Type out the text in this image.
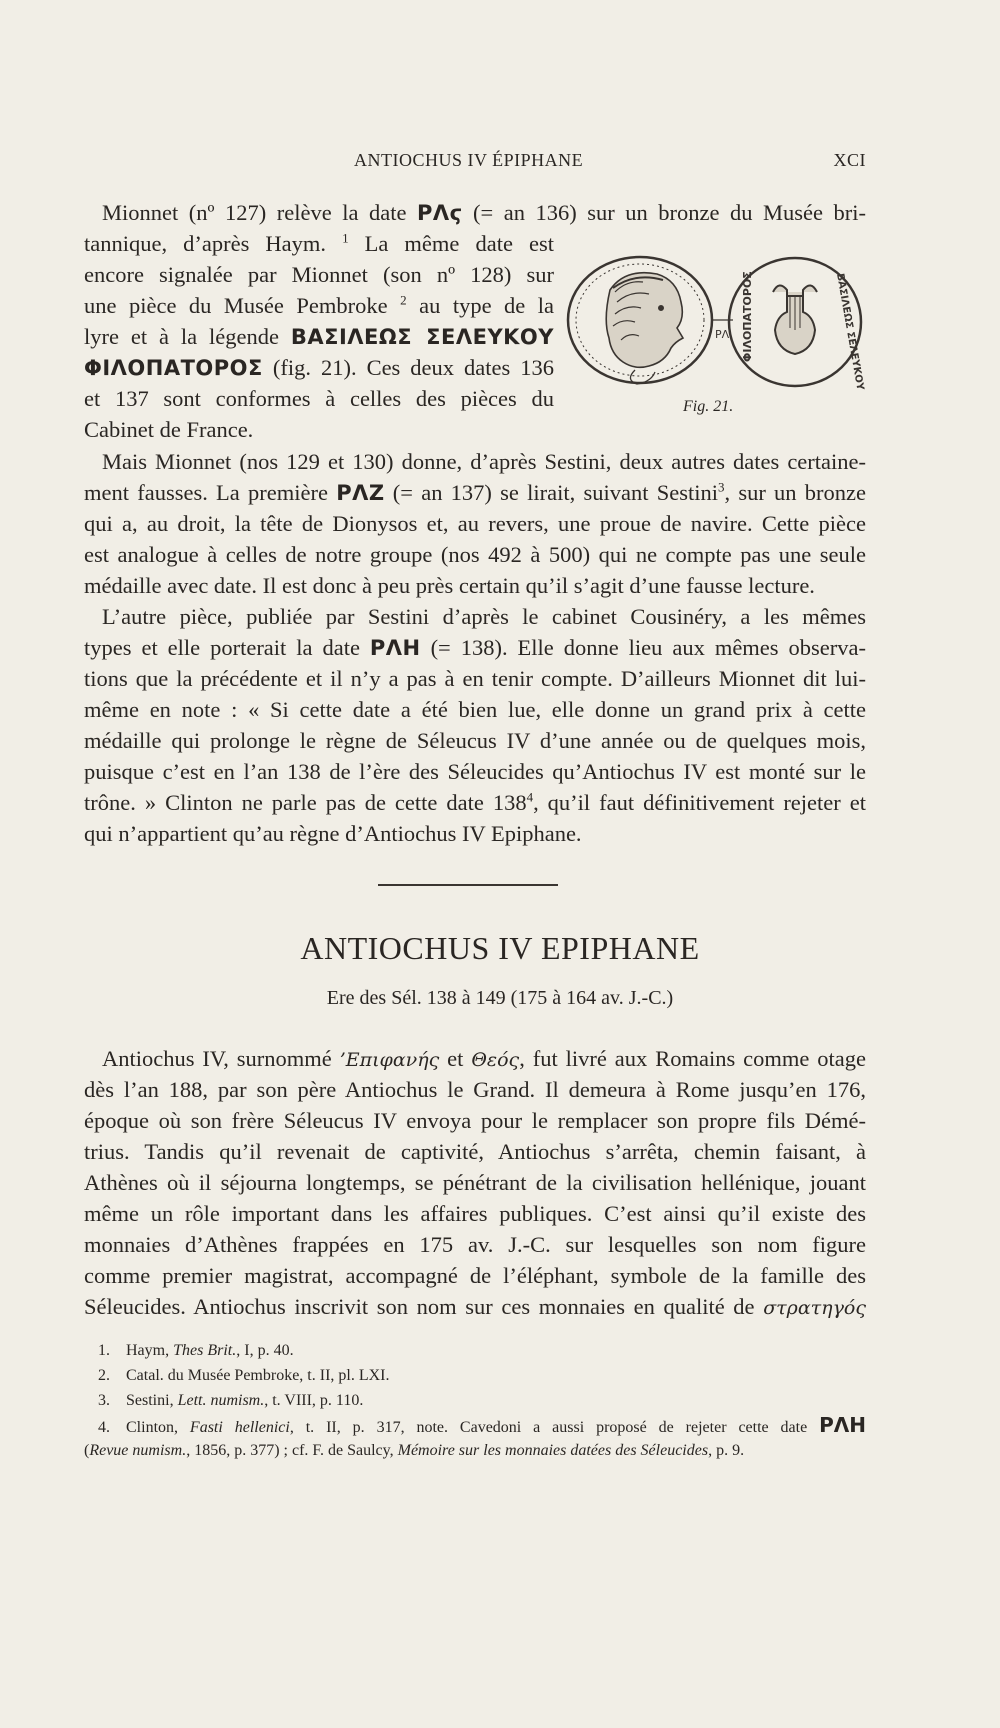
ANTIOCHUS IV ÉPIPHANE	XCI
Mionnet (nº 127) relève la date PΛϛ (= an 136) sur un bronze du Musée bri-
tannique, d’après Haym. $^1$ La même date est
encore signalée par Mionnet (son nº 128) sur
une pièce du Musée Pembroke $^2$ au type de la
lyre et à la légende ΒΑΣΙΛΕΩΣ ΣΕΛΕΥΚΟΥ
ΦΙΛΟΠΑΤΟΡΟΣ (fig. 21). Ces deux dates 136
et 137 sont conformes à celles des pièces du
Cabinet de France.
PΛ ΦΙΛΟΠΑΤΟΡΟΣ	ΒΑΣΙΛΕΩΣ ΣΕΛΕΥΚΟΥ
Fig. 21.
Mais Mionnet (nos 129 et 130) donne, d’après Sestini, deux autres dates certaine-
ment fausses. La première PΛZ (= an 137) se lirait, suivant Sestini$^3$, sur un bronze
qui a, au droit, la tête de Dionysos et, au revers, une proue de navire. Cette pièce
est analogue à celles de notre groupe (nos 492 à 500) qui ne compte pas une seule
médaille avec date. Il est donc à peu près certain qu’il s’agit d’une fausse lecture.
L’autre pièce, publiée par Sestini d’après le cabinet Cousinéry, a les mêmes
types et elle porterait la date PΛH (= 138). Elle donne lieu aux mêmes observa-
tions que la précédente et il n’y a pas à en tenir compte. D’ailleurs Mionnet dit lui-
même en note : « Si cette date a été bien lue, elle donne un grand prix à cette
médaille qui prolonge le règne de Séleucus IV d’une année ou de quelques mois,
puisque c’est en l’an 138 de l’ère des Séleucides qu’Antiochus IV est monté sur le
trône. » Clinton ne parle pas de cette date 138$^4$, qu’il faut définitivement rejeter et
qui n’appartient qu’au règne d’Antiochus IV Epiphane.
ANTIOCHUS IV EPIPHANE
Ere des Sél. 138 à 149 (175 à 164 av. J.-C.)
Antiochus IV, surnommé ’Επιφανής et Θεός, fut livré aux Romains comme otage
dès l’an 188, par son père Antiochus le Grand. Il demeura à Rome jusqu’en 176,
époque où son frère Séleucus IV envoya pour le remplacer son propre fils Démé-
trius. Tandis qu’il revenait de captivité, Antiochus s’arrêta, chemin faisant, à
Athènes où il séjourna longtemps, se pénétrant de la civilisation hellénique, jouant
même un rôle important dans les affaires publiques. C’est ainsi qu’il existe des
monnaies d’Athènes frappées en 175 av. J.-C. sur lesquelles son nom figure
comme premier magistrat, accompagné de l’éléphant, symbole de la famille des
Séleucides. Antiochus inscrivit son nom sur ces monnaies en qualité de στρατηγός
1. Haym, Thes Brit., I, p. 40.
2. Catal. du Musée Pembroke, t. II, pl. LXI.
3. Sestini, Lett. numism., t. VIII, p. 110.
4. Clinton, Fasti hellenici, t. II, p. 317, note. Cavedoni a aussi proposé de rejeter cette date PΛH
(Revue numism., 1856, p. 377) ; cf. F. de Saulcy, Mémoire sur les monnaies datées des Séleucides, p. 9.
